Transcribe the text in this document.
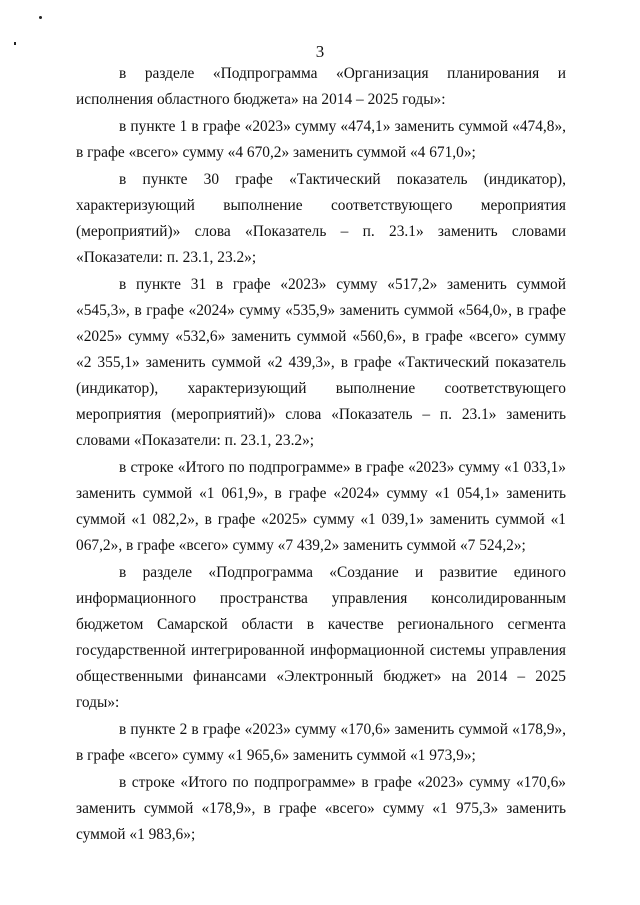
3

в разделе «Подпрограмма «Организация планирования и исполнения областного бюджета» на 2014 – 2025 годы»:

в пункте 1 в графе «2023» сумму «474,1» заменить суммой «474,8», в графе «всего» сумму «4 670,2» заменить суммой «4 671,0»;

в пункте 30 графе «Тактический показатель (индикатор), характеризующий выполнение соответствующего мероприятия (мероприятий)» слова «Показатель – п. 23.1» заменить словами «Показатели: п. 23.1, 23.2»;

в пункте 31 в графе «2023» сумму «517,2» заменить суммой «545,3», в графе «2024» сумму «535,9» заменить суммой «564,0», в графе «2025» сумму «532,6» заменить суммой «560,6», в графе «всего» сумму «2 355,1» заменить суммой «2 439,3», в графе «Тактический показатель (индикатор), характеризующий выполнение соответствующего мероприятия (мероприятий)» слова «Показатель – п. 23.1» заменить словами «Показатели: п. 23.1, 23.2»;

в строке «Итого по подпрограмме» в графе «2023» сумму «1 033,1» заменить суммой «1 061,9», в графе «2024» сумму «1 054,1» заменить суммой «1 082,2», в графе «2025» сумму «1 039,1» заменить суммой «1 067,2», в графе «всего» сумму «7 439,2» заменить суммой «7 524,2»;

в разделе «Подпрограмма «Создание и развитие единого информационного пространства управления консолидированным бюджетом Самарской области в качестве регионального сегмента государственной интегрированной информационной системы управления общественными финансами «Электронный бюджет» на 2014 – 2025 годы»:

в пункте 2 в графе «2023» сумму «170,6» заменить суммой «178,9», в графе «всего» сумму «1 965,6» заменить суммой «1 973,9»;

в строке «Итого по подпрограмме» в графе «2023» сумму «170,6» заменить суммой «178,9», в графе «всего» сумму «1 975,3» заменить суммой «1 983,6»;
